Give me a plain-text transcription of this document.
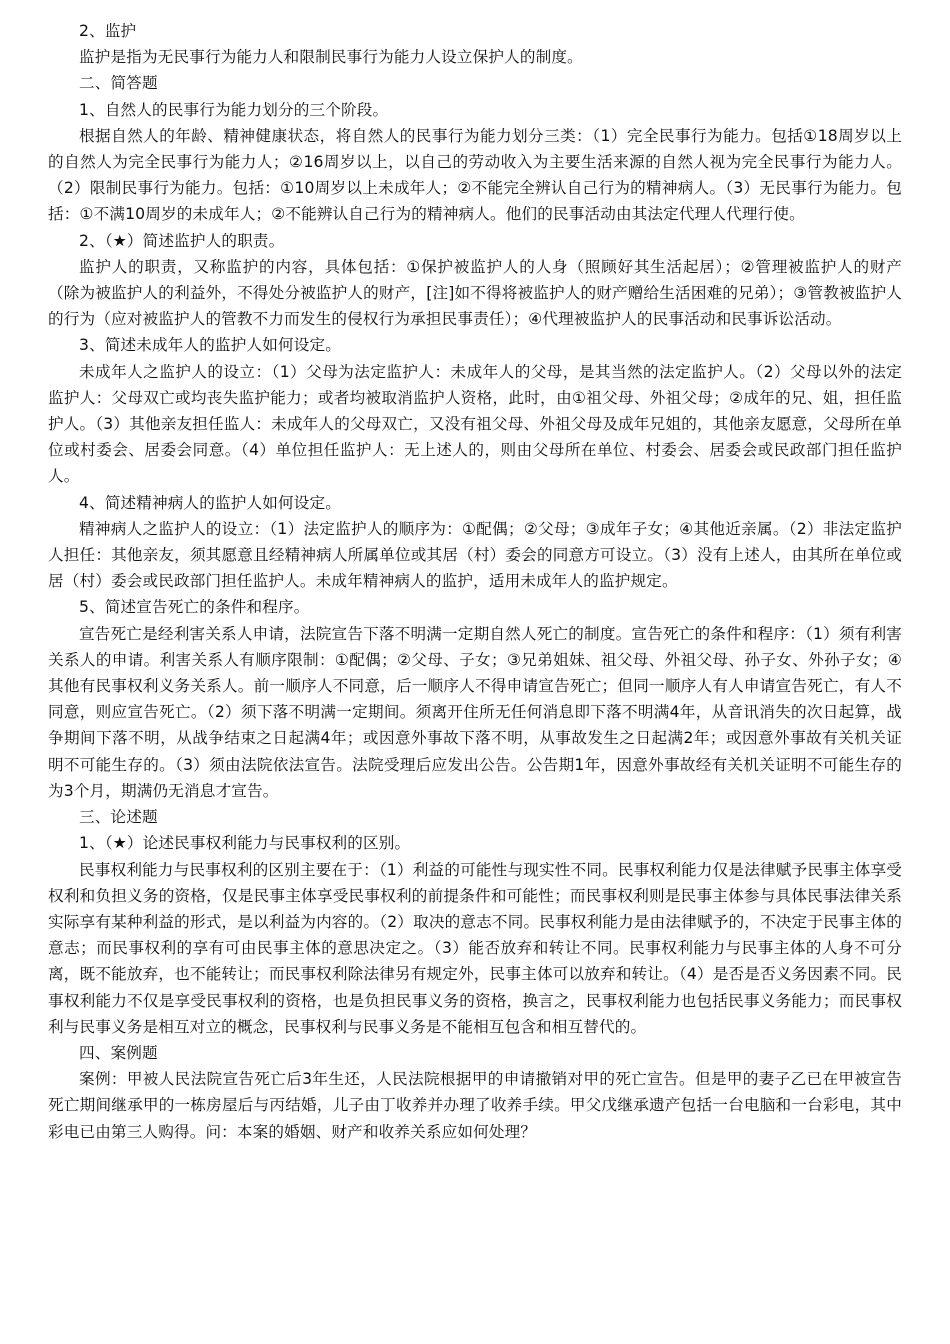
2、监护

监护是指为无民事行为能力人和限制民事行为能力人设立保护人的制度。

二、简答题

1、自然人的民事行为能力划分的三个阶段。

根据自然人的年龄、精神健康状态，将自然人的民事行为能力划分三类：（1）完全民事行为能力。包括①18周岁以上的自然人为完全民事行为能力人；②16周岁以上，以自己的劳动收入为主要生活来源的自然人视为完全民事行为能力人。（2）限制民事行为能力。包括：①10周岁以上未成年人；②不能完全辨认自己行为的精神病人。（3）无民事行为能力。包括：①不满10周岁的未成年人；②不能辨认自己行为的精神病人。他们的民事活动由其法定代理人代理行使。

2、（★）简述监护人的职责。

监护人的职责，又称监护的内容，具体包括：①保护被监护人的人身（照顾好其生活起居）；②管理被监护人的财产（除为被监护人的利益外，不得处分被监护人的财产，[注]如不得将被监护人的财产赠给生活困难的兄弟）；③管教被监护人的行为（应对被监护人的管教不力而发生的侵权行为承担民事责任）；④代理被监护人的民事活动和民事诉讼活动。

3、简述未成年人的监护人如何设定。

未成年人之监护人的设立：（1）父母为法定监护人：未成年人的父母，是其当然的法定监护人。（2）父母以外的法定监护人：父母双亡或均丧失监护能力；或者均被取消监护人资格，此时，由①祖父母、外祖父母；②成年的兄、姐，担任监护人。（3）其他亲友担任监人：未成年人的父母双亡，又没有祖父母、外祖父母及成年兄姐的，其他亲友愿意，父母所在单位或村委会、居委会同意。（4）单位担任监护人：无上述人的，则由父母所在单位、村委会、居委会或民政部门担任监护人。

4、简述精神病人的监护人如何设定。

精神病人之监护人的设立：（1）法定监护人的顺序为：①配偶；②父母；③成年子女；④其他近亲属。（2）非法定监护人担任：其他亲友，须其愿意且经精神病人所属单位或其居（村）委会的同意方可设立。（3）没有上述人，由其所在单位或居（村）委会或民政部门担任监护人。未成年精神病人的监护，适用未成年人的监护规定。

5、简述宣告死亡的条件和程序。

宣告死亡是经利害关系人申请，法院宣告下落不明满一定期自然人死亡的制度。宣告死亡的条件和程序：（1）须有利害关系人的申请。利害关系人有顺序限制：①配偶；②父母、子女；③兄弟姐妹、祖父母、外祖父母、孙子女、外孙子女；④其他有民事权利义务关系人。前一顺序人不同意，后一顺序人不得申请宣告死亡；但同一顺序人有人申请宣告死亡，有人不同意，则应宣告死亡。（2）须下落不明满一定期间。须离开住所无任何消息即下落不明满4年，从音讯消失的次日起算，战争期间下落不明，从战争结束之日起满4年；或因意外事故下落不明，从事故发生之日起满2年；或因意外事故有关机关证明不可能生存的。（3）须由法院依法宣告。法院受理后应发出公告。公告期1年，因意外事故经有关机关证明不可能生存的为3个月，期满仍无消息才宣告。

三、论述题

1、（★）论述民事权利能力与民事权利的区别。

民事权利能力与民事权利的区别主要在于：（1）利益的可能性与现实性不同。民事权利能力仅是法律赋予民事主体享受权利和负担义务的资格，仅是民事主体享受民事权利的前提条件和可能性；而民事权利则是民事主体参与具体民事法律关系实际享有某种利益的形式，是以利益为内容的。（2）取决的意志不同。民事权利能力是由法律赋予的，不决定于民事主体的意志；而民事权利的享有可由民事主体的意思决定之。（3）能否放弃和转让不同。民事权利能力与民事主体的人身不可分离，既不能放弃，也不能转让；而民事权利除法律另有规定外，民事主体可以放弃和转让。（4）是否是否义务因素不同。民事权利能力不仅是享受民事权利的资格，也是负担民事义务的资格，换言之，民事权利能力也包括民事义务能力；而民事权利与民事义务是相互对立的概念，民事权利与民事义务是不能相互包含和相互替代的。

四、案例题

案例：甲被人民法院宣告死亡后3年生还，人民法院根据甲的申请撤销对甲的死亡宣告。但是甲的妻子乙已在甲被宣告死亡期间继承甲的一栋房屋后与丙结婚，儿子由丁收养并办理了收养手续。甲父戊继承遗产包括一台电脑和一台彩电，其中彩电已由第三人购得。问：本案的婚姻、财产和收养关系应如何处理？
